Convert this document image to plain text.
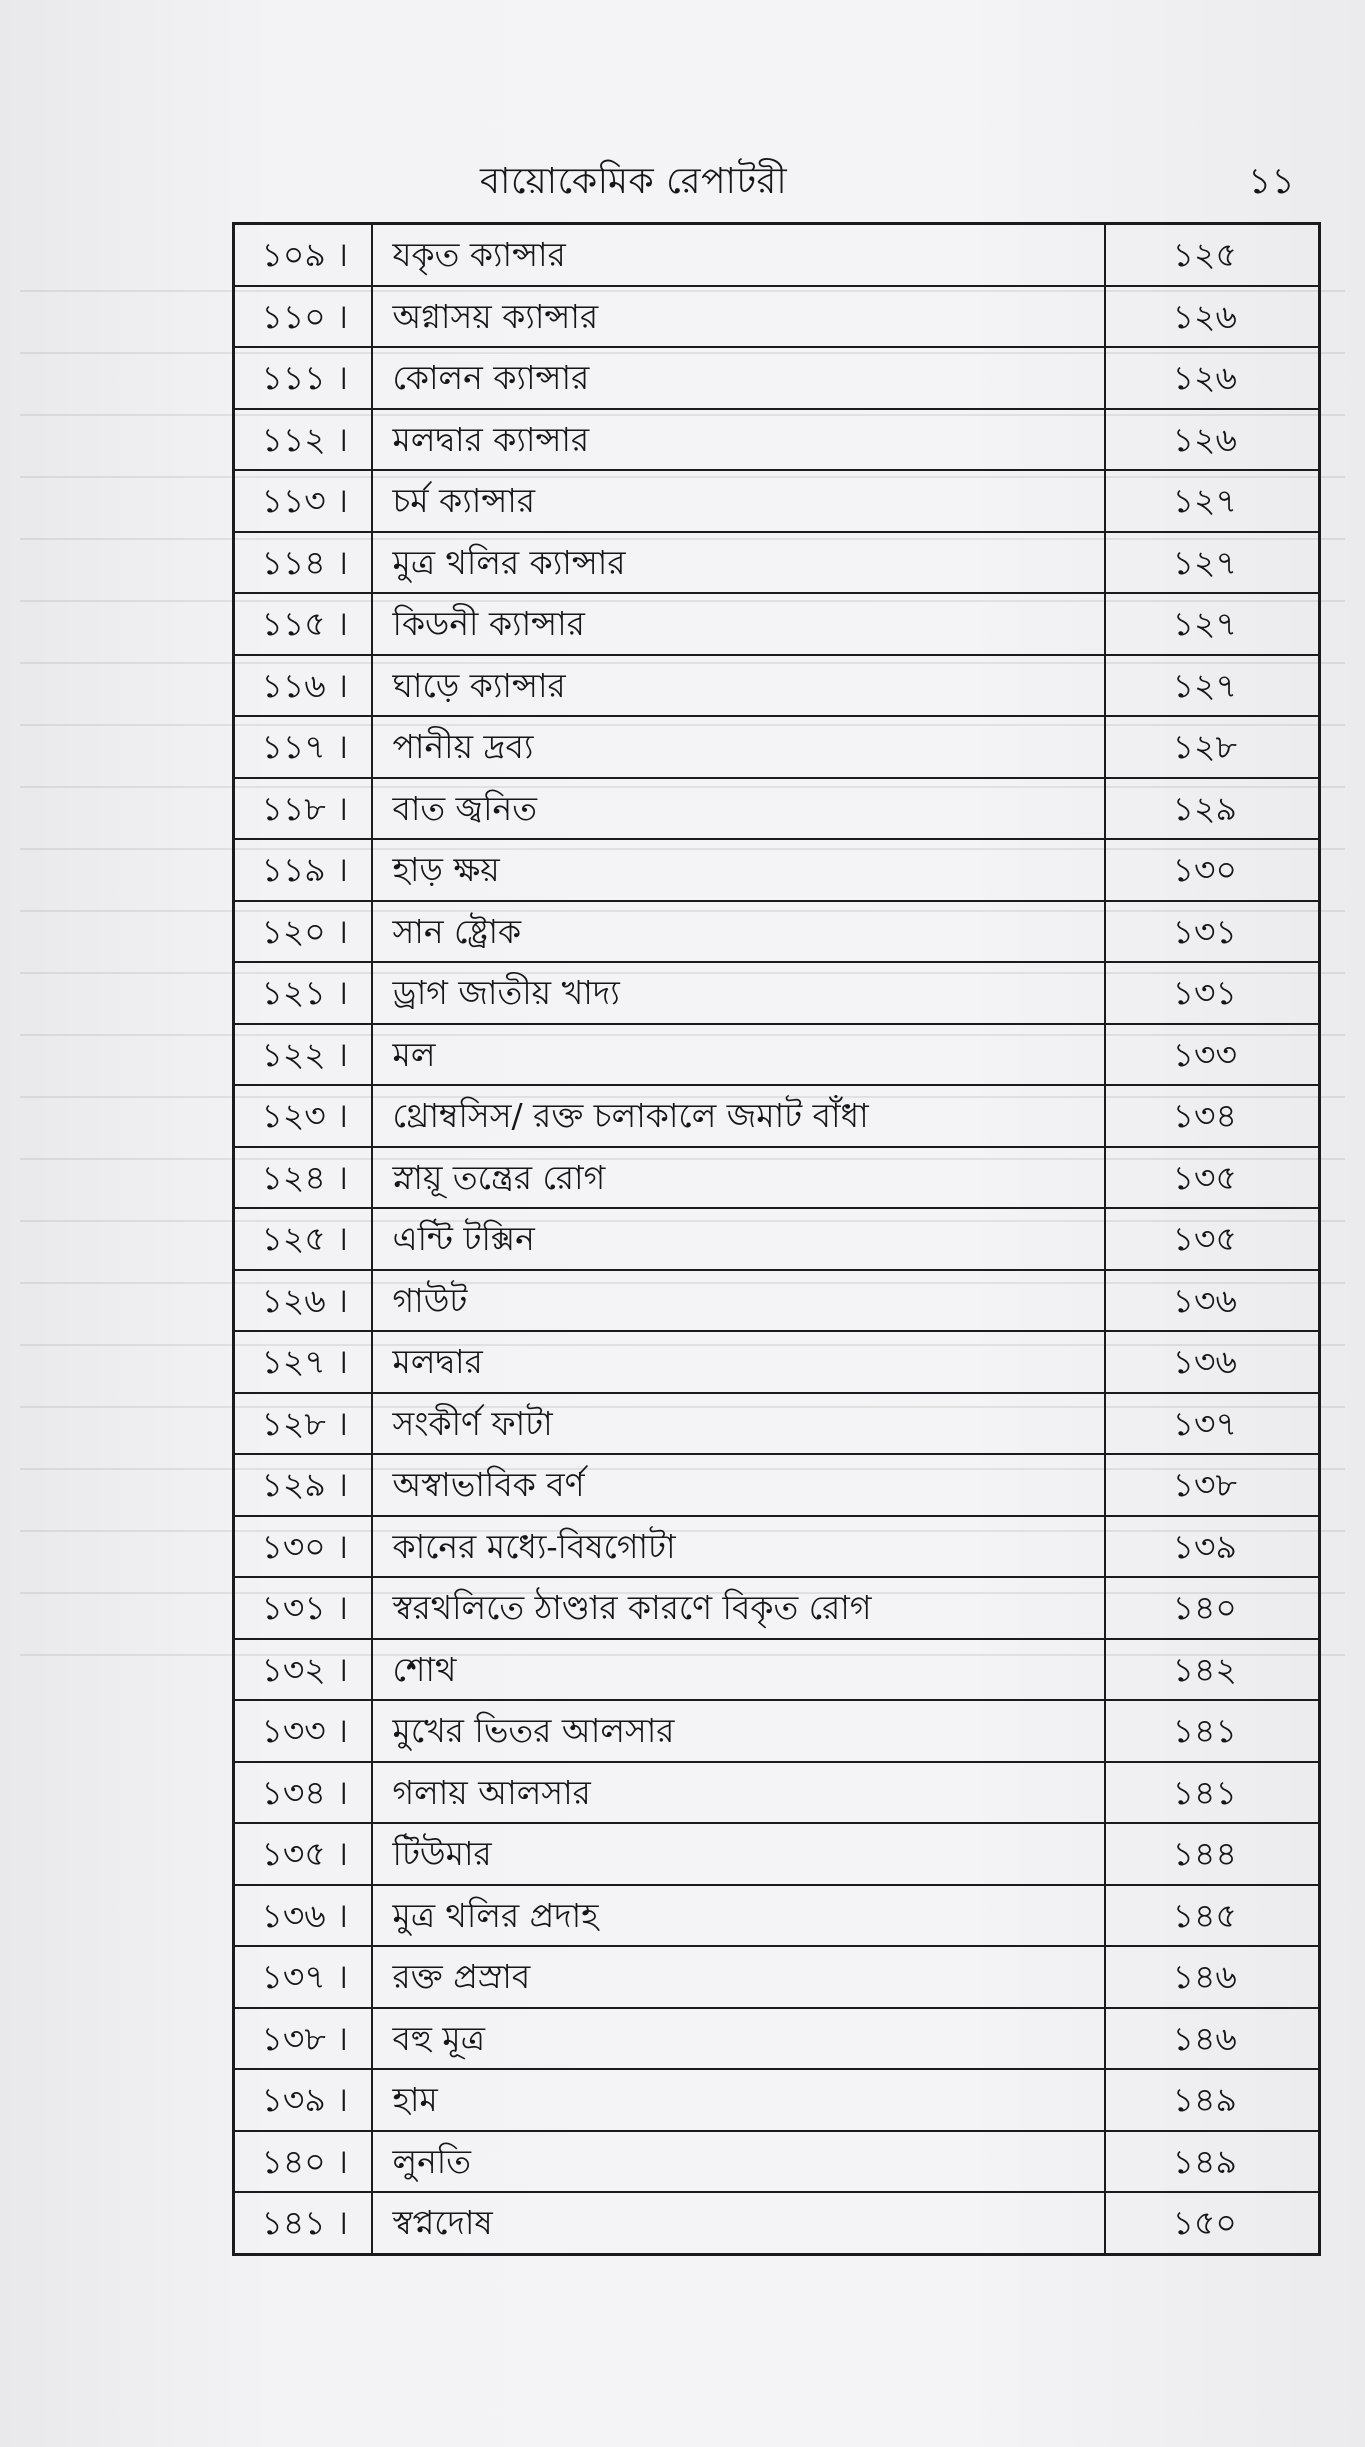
বায়োকেমিক রেপাটরী	১১
১০৯ ।	যকৃত ক্যান্সার	১২৫
১১০ ।	অগ্নাসয় ক্যান্সার	১২৬
১১১ ।	কোলন ক্যান্সার	১২৬
১১২ ।	মলদ্বার ক্যান্সার	১২৬
১১৩ ।	চর্ম ক্যান্সার	১২৭
১১৪ ।	মুত্র থলির ক্যান্সার	১২৭
১১৫ ।	কিডনী ক্যান্সার	১২৭
১১৬ ।	ঘাড়ে ক্যান্সার	১২৭
১১৭ ।	পানীয় দ্রব্য	১২৮
১১৮ ।	বাত জ্বনিত	১২৯
১১৯ ।	হাড় ক্ষয়	১৩০
১২০ ।	সান ষ্ট্রোক	১৩১
১২১ ।	ড্রাগ জাতীয় খাদ্য	১৩১
১২২ ।	মল	১৩৩
১২৩ ।	থ্রোম্বসিস/ রক্ত চলাকালে জমাট বাঁধা	১৩৪
১২৪ ।	স্নায়ূ তন্ত্রের রোগ	১৩৫
১২৫ ।	এন্টি টক্সিন	১৩৫
১২৬ ।	গাউট	১৩৬
১২৭ ।	মলদ্বার	১৩৬
১২৮ ।	সংকীর্ণ ফাটা	১৩৭
১২৯ ।	অস্বাভাবিক বর্ণ	১৩৮
১৩০ ।	কানের মধ্যে-বিষগোটা	১৩৯
১৩১ ।	স্বরথলিতে ঠাণ্ডার কারণে বিকৃত রোগ	১৪০
১৩২ ।	শোথ	১৪২
১৩৩ ।	মুখের ভিতর আলসার	১৪১
১৩৪ ।	গলায় আলসার	১৪১
১৩৫ ।	টিউমার	১৪৪
১৩৬ ।	মুত্র থলির প্রদাহ	১৪৫
১৩৭ ।	রক্ত প্রস্রাব	১৪৬
১৩৮ ।	বহু মূত্র	১৪৬
১৩৯ ।	হাম	১৪৯
১৪০ ।	লুনতি	১৪৯
১৪১ ।	স্বপ্নদোষ	১৫০
